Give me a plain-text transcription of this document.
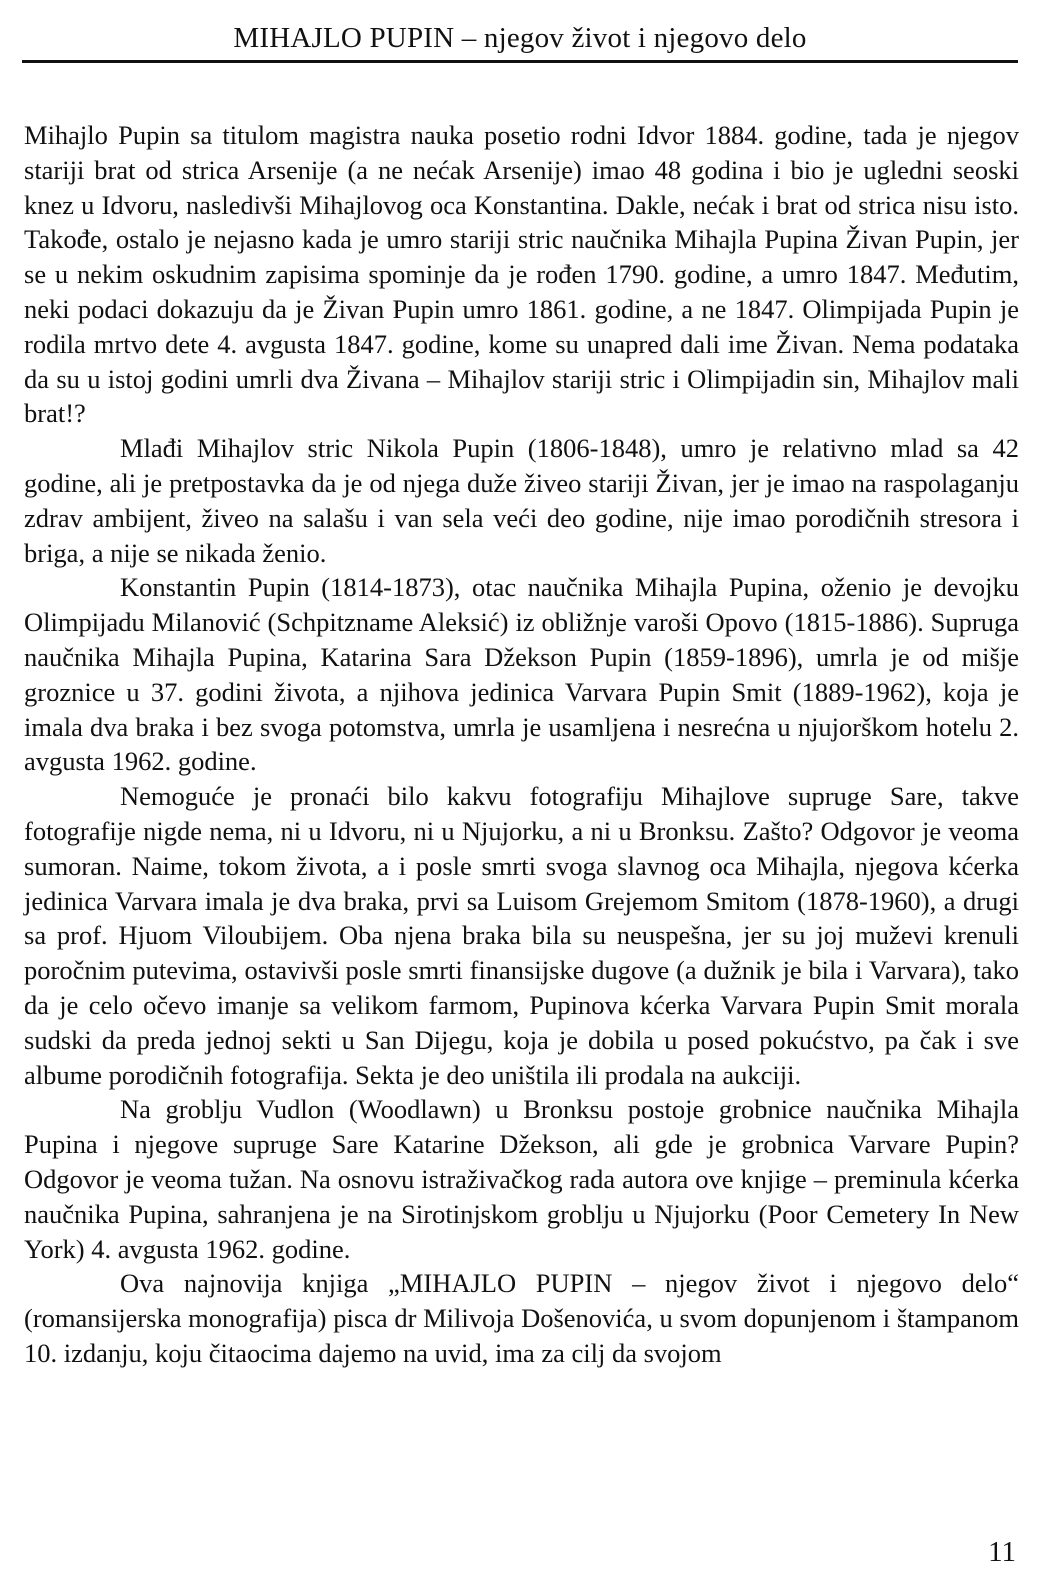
MIHAJLO PUPIN – njegov život i njegovo delo

Mihajlo Pupin sa titulom magistra nauka posetio rodni Idvor 1884. godine, tada je njegov stariji brat od strica Arsenije (a ne nećak Arsenije) imao 48 godina i bio je ugledni seoski knez u Idvoru, nasledivši Mihajlovog oca Konstantina. Dakle, nećak i brat od strica nisu isto. Takođe, ostalo je nejasno kada je umro stariji stric naučnika Mihajla Pupina Živan Pupin, jer se u nekim oskudnim zapisima spominje da je rođen 1790. godine, a umro 1847. Međutim, neki podaci dokazuju da je Živan Pupin umro 1861. godine, a ne 1847. Olimpijada Pupin je rodila mrtvo dete 4. avgusta 1847. godine, kome su unapred dali ime Živan. Nema podataka da su u istoj godini umrli dva Živana – Mihajlov stariji stric i Olimpijadin sin, Mihajlov mali brat!?

Mlađi Mihajlov stric Nikola Pupin (1806-1848), umro je relativno mlad sa 42 godine, ali je pretpostavka da je od njega duže živeo stariji Živan, jer je imao na raspolaganju zdrav ambijent, živeo na salašu i van sela veći deo godine, nije imao porodičnih stresora i briga, a nije se nikada ženio.

Konstantin Pupin (1814-1873), otac naučnika Mihajla Pupina, oženio je devojku Olimpijadu Milanović (Schpitzname Aleksić) iz obližnje varoši Opovo (1815-1886). Supruga naučnika Mihajla Pupina, Katarina Sara Džekson Pupin (1859-1896), umrla je od mišje groznice u 37. godini života, a njihova jedinica Varvara Pupin Smit (1889-1962), koja je imala dva braka i bez svoga potomstva, umrla je usamljena i nesrećna u njujorškom hotelu 2. avgusta 1962. godine.

Nemoguće je pronaći bilo kakvu fotografiju Mihajlove supruge Sare, takve fotografije nigde nema, ni u Idvoru, ni u Njujorku, a ni u Bronksu. Zašto? Odgovor je veoma sumoran. Naime, tokom života, a i posle smrti svoga slavnog oca Mihajla, njegova kćerka jedinica Varvara imala je dva braka, prvi sa Luisom Grejemom Smitom (1878-1960), a drugi sa prof. Hjuom Viloubijem. Oba njena braka bila su neuspešna, jer su joj muževi krenuli poročnim putevima, ostavivši posle smrti finansijske dugove (a dužnik je bila i Varvara), tako da je celo očevo imanje sa velikom farmom, Pupinova kćerka Varvara Pupin Smit morala sudski da preda jednoj sekti u San Dijegu, koja je dobila u posed pokućstvo, pa čak i sve albume porodičnih fotografija. Sekta je deo uništila ili prodala na aukciji.

Na groblju Vudlon (Woodlawn) u Bronksu postoje grobnice naučnika Mihajla Pupina i njegove supruge Sare Katarine Džekson, ali gde je grobnica Varvare Pupin? Odgovor je veoma tužan. Na osnovu istraživačkog rada autora ove knjige – preminula kćerka naučnika Pupina, sahranjena je na Sirotinjskom groblju u Njujorku (Poor Cemetery In New York) 4. avgusta 1962. godine.

Ova najnovija knjiga „MIHAJLO PUPIN – njegov život i njegovo delo“ (romansijerska monografija) pisca dr Milivoja Došenovića, u svom dopunjenom i štampanom 10. izdanju, koju čitaocima dajemo na uvid, ima za cilj da svojom

11
